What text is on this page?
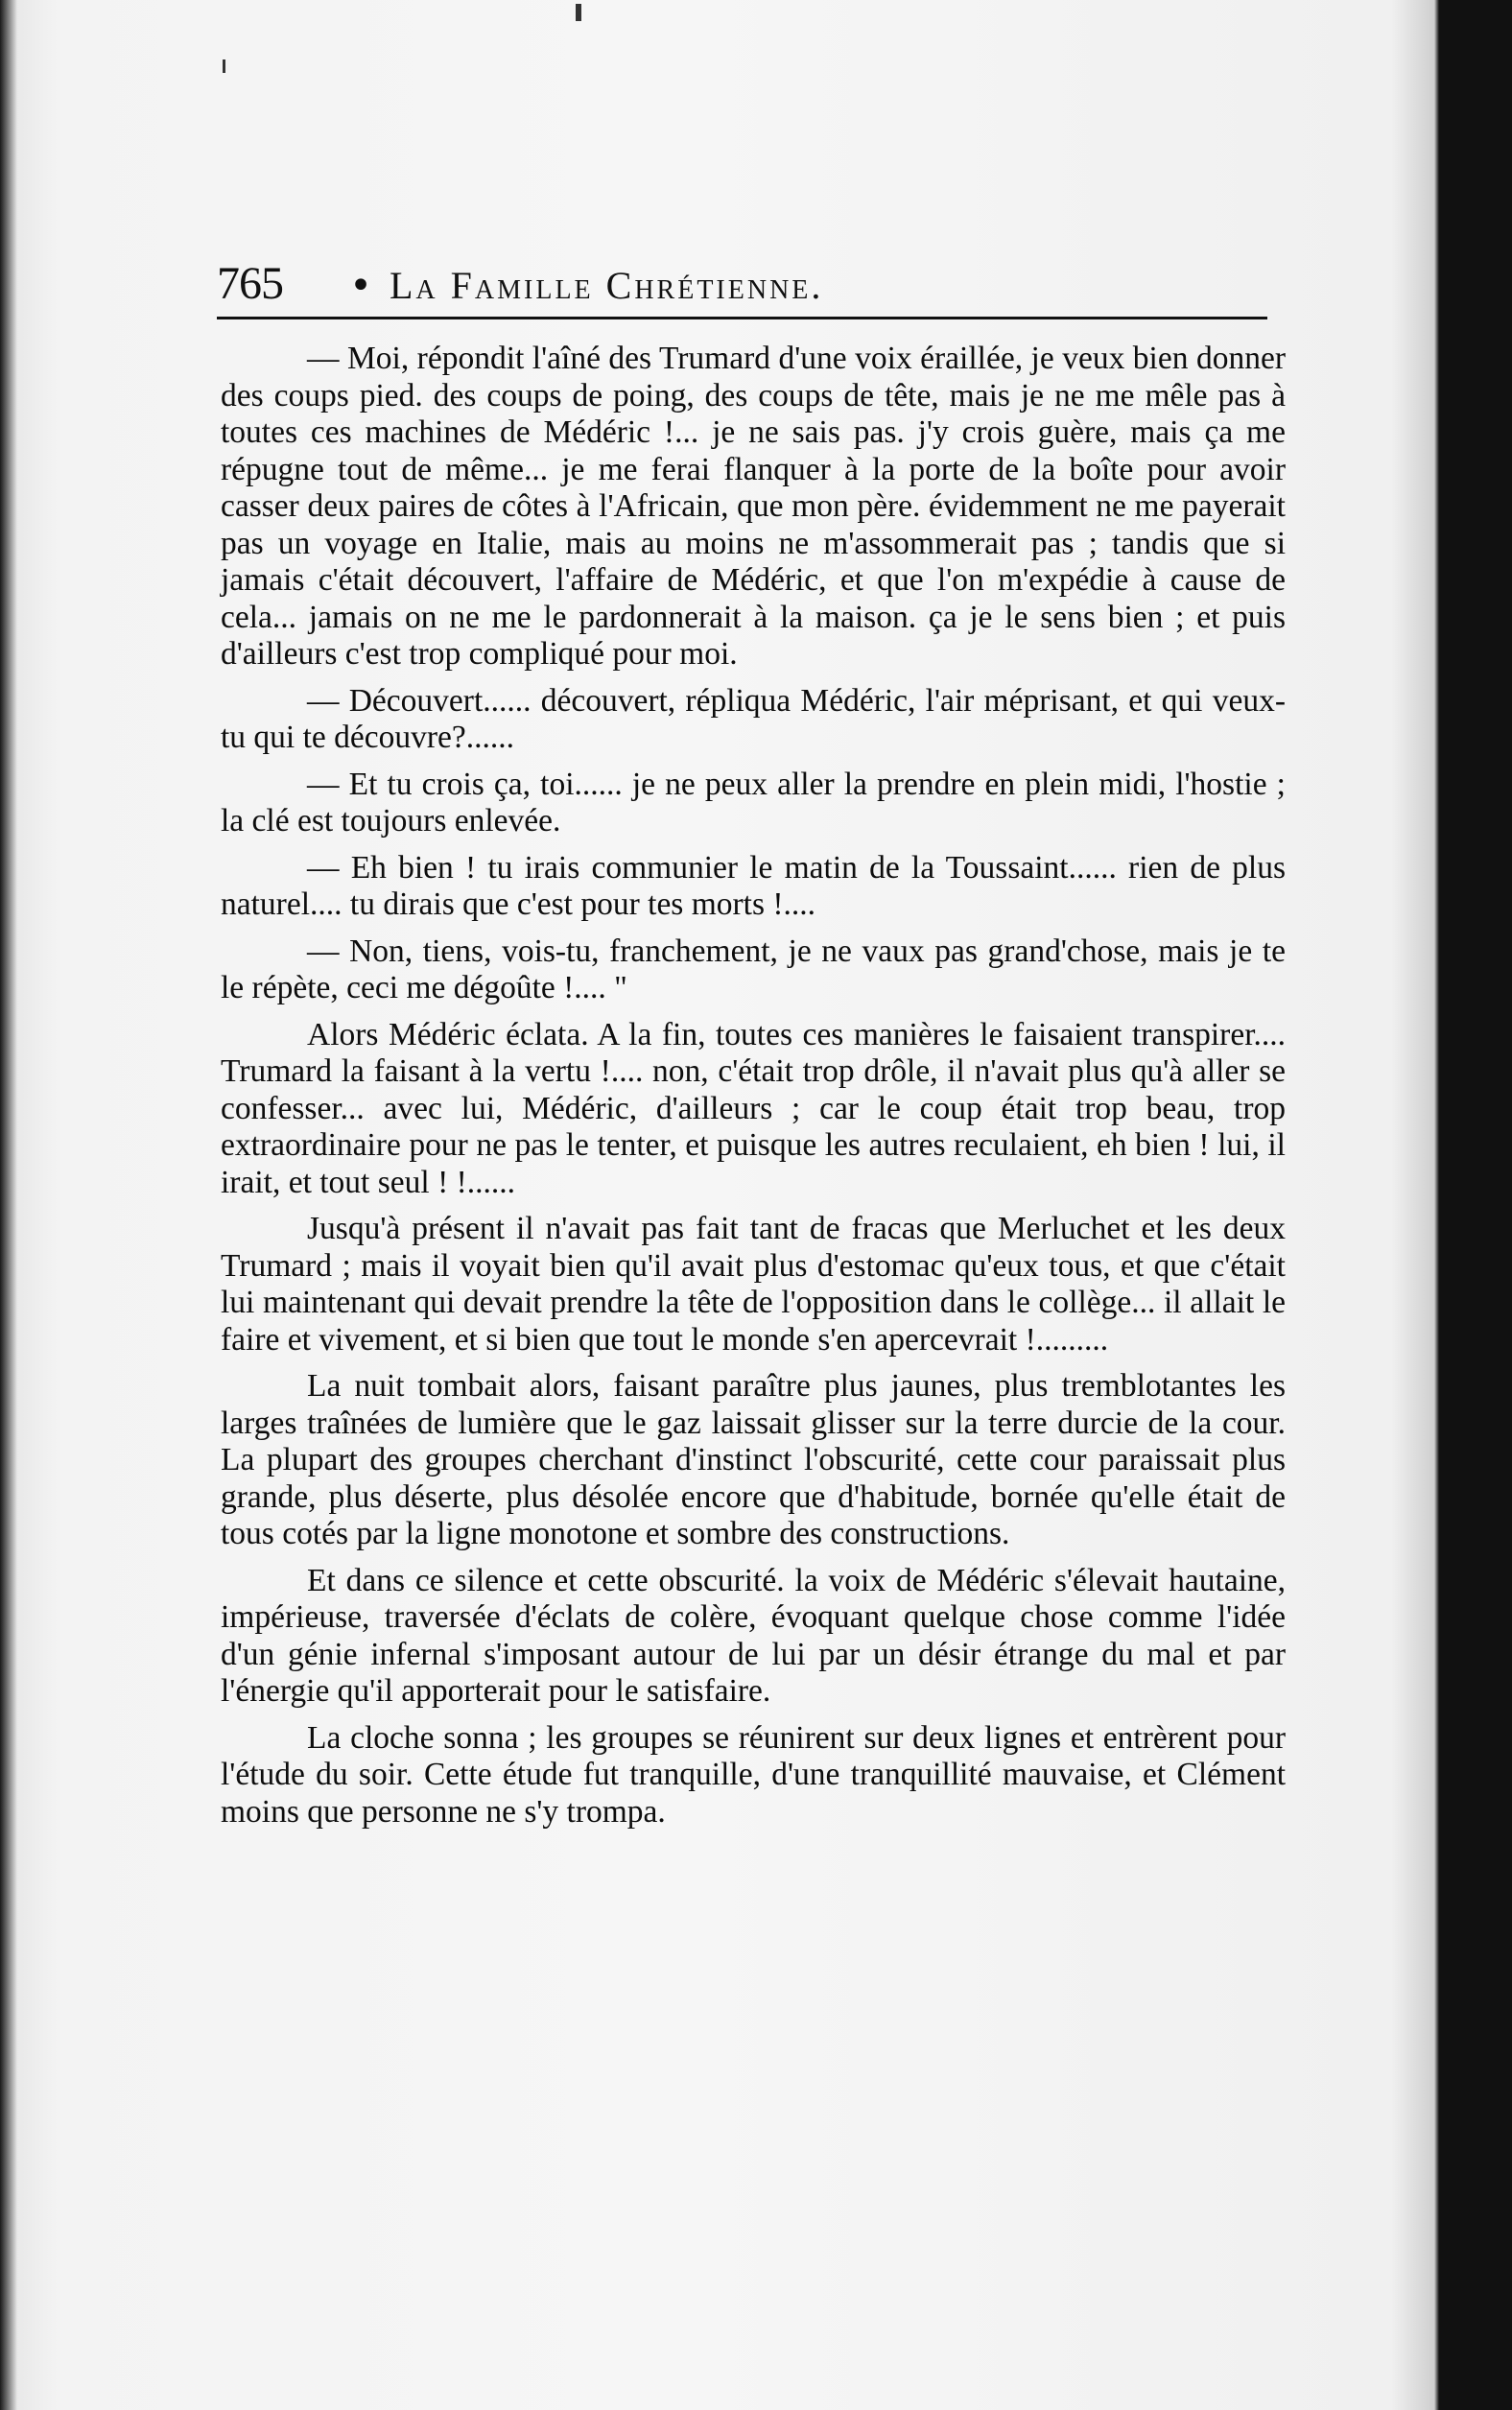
765	• La Famille Chrétienne.

— Moi, répondit l'aîné des Trumard d'une voix éraillée, je veux bien donner des coups pied. des coups de poing, des coups de tête, mais je ne me mêle pas à toutes ces machines de Médéric !... je ne sais pas. j'y crois guère, mais ça me répugne tout de même... je me ferai flanquer à la porte de la boîte pour avoir casser deux paires de côtes à l'Africain, que mon père. évidemment ne me payerait pas un voyage en Italie, mais au moins ne m'assommerait pas ; tandis que si jamais c'était découvert, l'affaire de Médéric, et que l'on m'expédie à cause de cela... jamais on ne me le pardonnerait à la maison. ça je le sens bien ; et puis d'ailleurs c'est trop compliqué pour moi.

— Découvert...... découvert, répliqua Médéric, l'air méprisant, et qui veux-tu qui te découvre?......

— Et tu crois ça, toi...... je ne peux aller la prendre en plein midi, l'hostie ; la clé est toujours enlevée.

— Eh bien ! tu irais communier le matin de la Toussaint...... rien de plus naturel.... tu dirais que c'est pour tes morts !....

— Non, tiens, vois-tu, franchement, je ne vaux pas grand'chose, mais je te le répète, ceci me dégoûte !.... "

Alors Médéric éclata. A la fin, toutes ces manières le faisaient transpirer.... Trumard la faisant à la vertu !.... non, c'était trop drôle, il n'avait plus qu'à aller se confesser... avec lui, Médéric, d'ailleurs ; car le coup était trop beau, trop extraordinaire pour ne pas le tenter, et puisque les autres reculaient, eh bien ! lui, il irait, et tout seul ! !......

Jusqu'à présent il n'avait pas fait tant de fracas que Merluchet et les deux Trumard ; mais il voyait bien qu'il avait plus d'estomac qu'eux tous, et que c'était lui maintenant qui devait prendre la tête de l'opposition dans le collège... il allait le faire et vivement, et si bien que tout le monde s'en apercevrait !.........

La nuit tombait alors, faisant paraître plus jaunes, plus tremblotantes les larges traînées de lumière que le gaz laissait glisser sur la terre durcie de la cour. La plupart des groupes cherchant d'instinct l'obscurité, cette cour paraissait plus grande, plus déserte, plus désolée encore que d'habitude, bornée qu'elle était de tous cotés par la ligne monotone et sombre des constructions.

Et dans ce silence et cette obscurité. la voix de Médéric s'élevait hautaine, impérieuse, traversée d'éclats de colère, évoquant quelque chose comme l'idée d'un génie infernal s'imposant autour de lui par un désir étrange du mal et par l'énergie qu'il apporterait pour le satisfaire.

La cloche sonna ; les groupes se réunirent sur deux lignes et entrèrent pour l'étude du soir. Cette étude fut tranquille, d'une tranquillité mauvaise, et Clément moins que personne ne s'y trompa.
